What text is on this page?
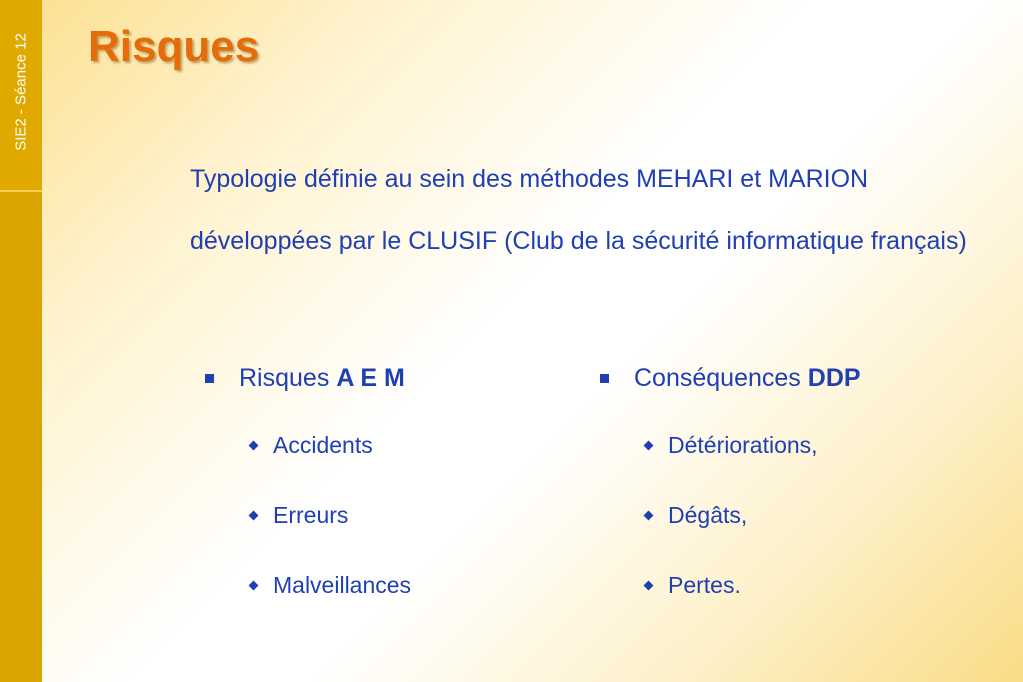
SIE2 - Séance 12 Risques

Typologie définie au sein des méthodes MEHARI et MARION développées par le CLUSIF (Club de la sécurité informatique français)

Risques A E M
Accidents
Erreurs
Malveillances
Conséquences DDP
Détériorations,
Dégâts,
Pertes.
